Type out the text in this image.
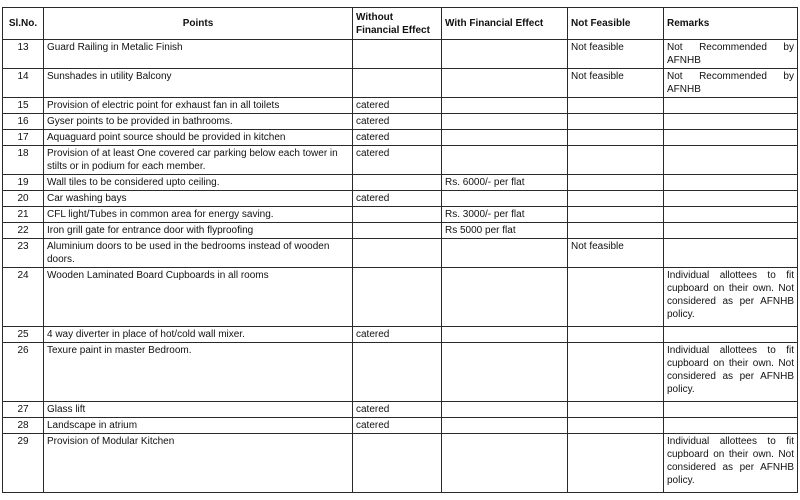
Sl.No.	Points	Without Financial Effect	With Financial Effect	Not Feasible	Remarks
13	Guard Railing in Metalic Finish			Not feasible	Not Recommended by AFNHB
14	Sunshades in utility Balcony			Not feasible	Not Recommended by AFNHB
15	Provision of electric point for exhaust fan in all toilets	catered			
16	Gyser points to be provided in bathrooms.	catered			
17	Aquaguard point source should be provided in kitchen	catered			
18	Provision of at least One covered car parking below each tower in stilts or in podium for each member.	catered			
19	Wall tiles to be considered upto ceiling.		Rs. 6000/- per flat		
20	Car washing bays	catered			
21	CFL light/Tubes in common area for energy saving.		Rs. 3000/- per flat		
22	Iron grill gate for entrance door with flyproofing		Rs 5000 per flat		
23	Aluminium doors to be used in the bedrooms instead of wooden doors.			Not feasible	
24	Wooden Laminated Board Cupboards in all rooms				Individual allottees to fit cupboard on their own. Not considered as per AFNHB policy.
25	4 way diverter in place of hot/cold wall mixer.	catered			
26	Texure paint in master Bedroom.				Individual allottees to fit cupboard on their own. Not considered as per AFNHB policy.
27	Glass lift	catered			
28	Landscape in atrium	catered			
29	Provision of Modular Kitchen				Individual allottees to fit cupboard on their own. Not considered as per AFNHB policy.
